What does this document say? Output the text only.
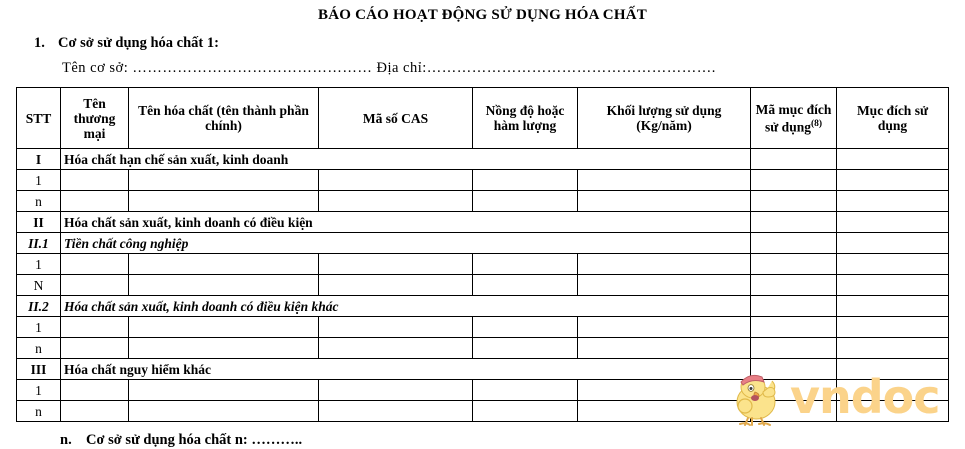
BÁO CÁO HOẠT ĐỘNG SỬ DỤNG HÓA CHẤT
1. Cơ sở sử dụng hóa chất 1:
Tên cơ sở: ………………………………………… Địa chỉ:………………………………………………….
STT	Tên thương mại	Tên hóa chất (tên thành phần chính)	Mã số CAS	Nồng độ hoặc hàm lượng	Khối lượng sử dụng (Kg/năm)	Mã mục đích sử dụng$^{(8)}$	Mục đích sử dụng
I	Hóa chất hạn chế sản xuất, kinh doanh						
1							
n							
II	Hóa chất sản xuất, kinh doanh có điều kiện						
II.1	Tiền chất công nghiệp						
1							
N							
II.2	Hóa chất sản xuất, kinh doanh có điều kiện khác						
1							
n							
III	Hóa chất nguy hiểm khác						
1							
n							
n. Cơ sở sử dụng hóa chất n: ………..
vndoc
